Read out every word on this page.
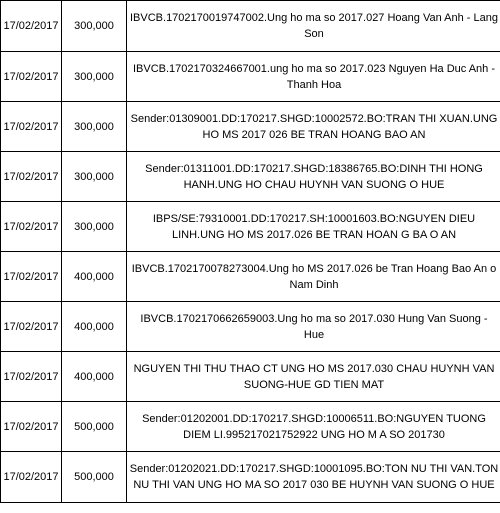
17/02/2017	300,000	IBVCB.1702170019747002.Ung ho ma so 2017.027 Hoang Van Anh - Lang Son
17/02/2017	300,000	IBVCB.1702170324667001.ung ho ma so 2017.023 Nguyen Ha Duc Anh - Thanh Hoa
17/02/2017	300,000	Sender:01309001.DD:170217.SHGD:10002572.BO:TRAN THI XUAN.UNG HO MS 2017 026 BE TRAN HOANG BAO AN
17/02/2017	300,000	Sender:01311001.DD:170217.SHGD:18386765.BO:DINH THI HONG HANH.UNG HO CHAU HUYNH VAN SUONG O HUE
17/02/2017	300,000	IBPS/SE:79310001.DD:170217.SH:10001603.BO:NGUYEN DIEU LINH.UNG HO MS 2017.026 BE TRAN HOAN G BA O AN
17/02/2017	400,000	IBVCB.1702170078273004.Ung ho MS 2017.026 be Tran Hoang Bao An o Nam Dinh
17/02/2017	400,000	IBVCB.1702170662659003.Ung ho ma so 2017.030 Hung Van Suong - Hue
17/02/2017	400,000	NGUYEN THI THU THAO CT UNG HO MS 2017.030 CHAU HUYNH VAN SUONG-HUE GD TIEN MAT
17/02/2017	500,000	Sender:01202001.DD:170217.SHGD:10006511.BO:NGUYEN TUONG DIEM LI.995217021752922 UNG HO M A SO 201730
17/02/2017	500,000	Sender:01202021.DD:170217.SHGD:10001095.BO:TON NU THI VAN.TON NU THI VAN UNG HO MA SO 2017 030 BE HUYNH VAN SUONG O HUE
